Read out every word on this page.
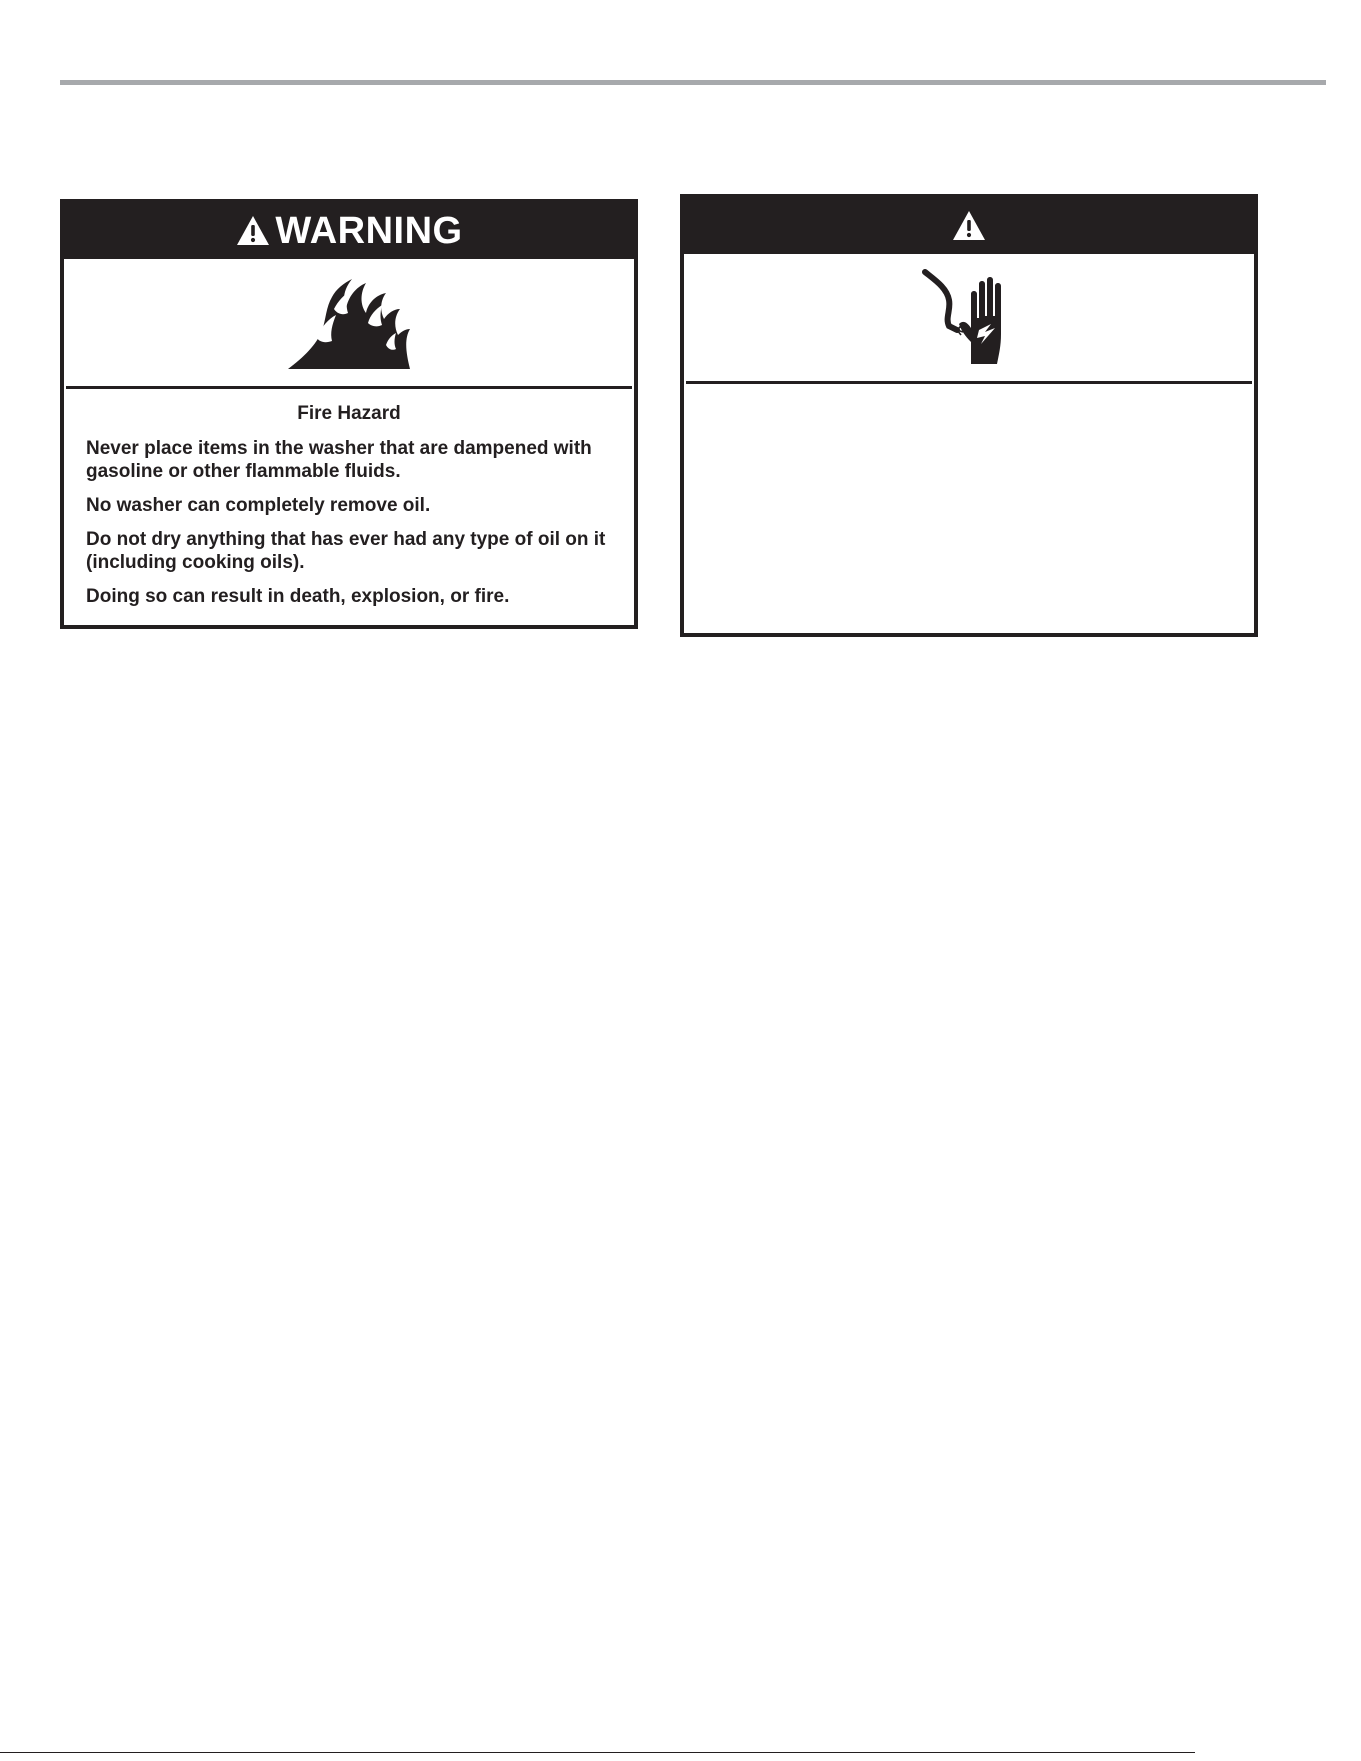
WARNING

Fire Hazard

Never place items in the washer that are dampened with gasoline or other flammable fluids.

No washer can completely remove oil.

Do not dry anything that has ever had any type of oil on it (including cooking oils).

Doing so can result in death, explosion, or fire.
